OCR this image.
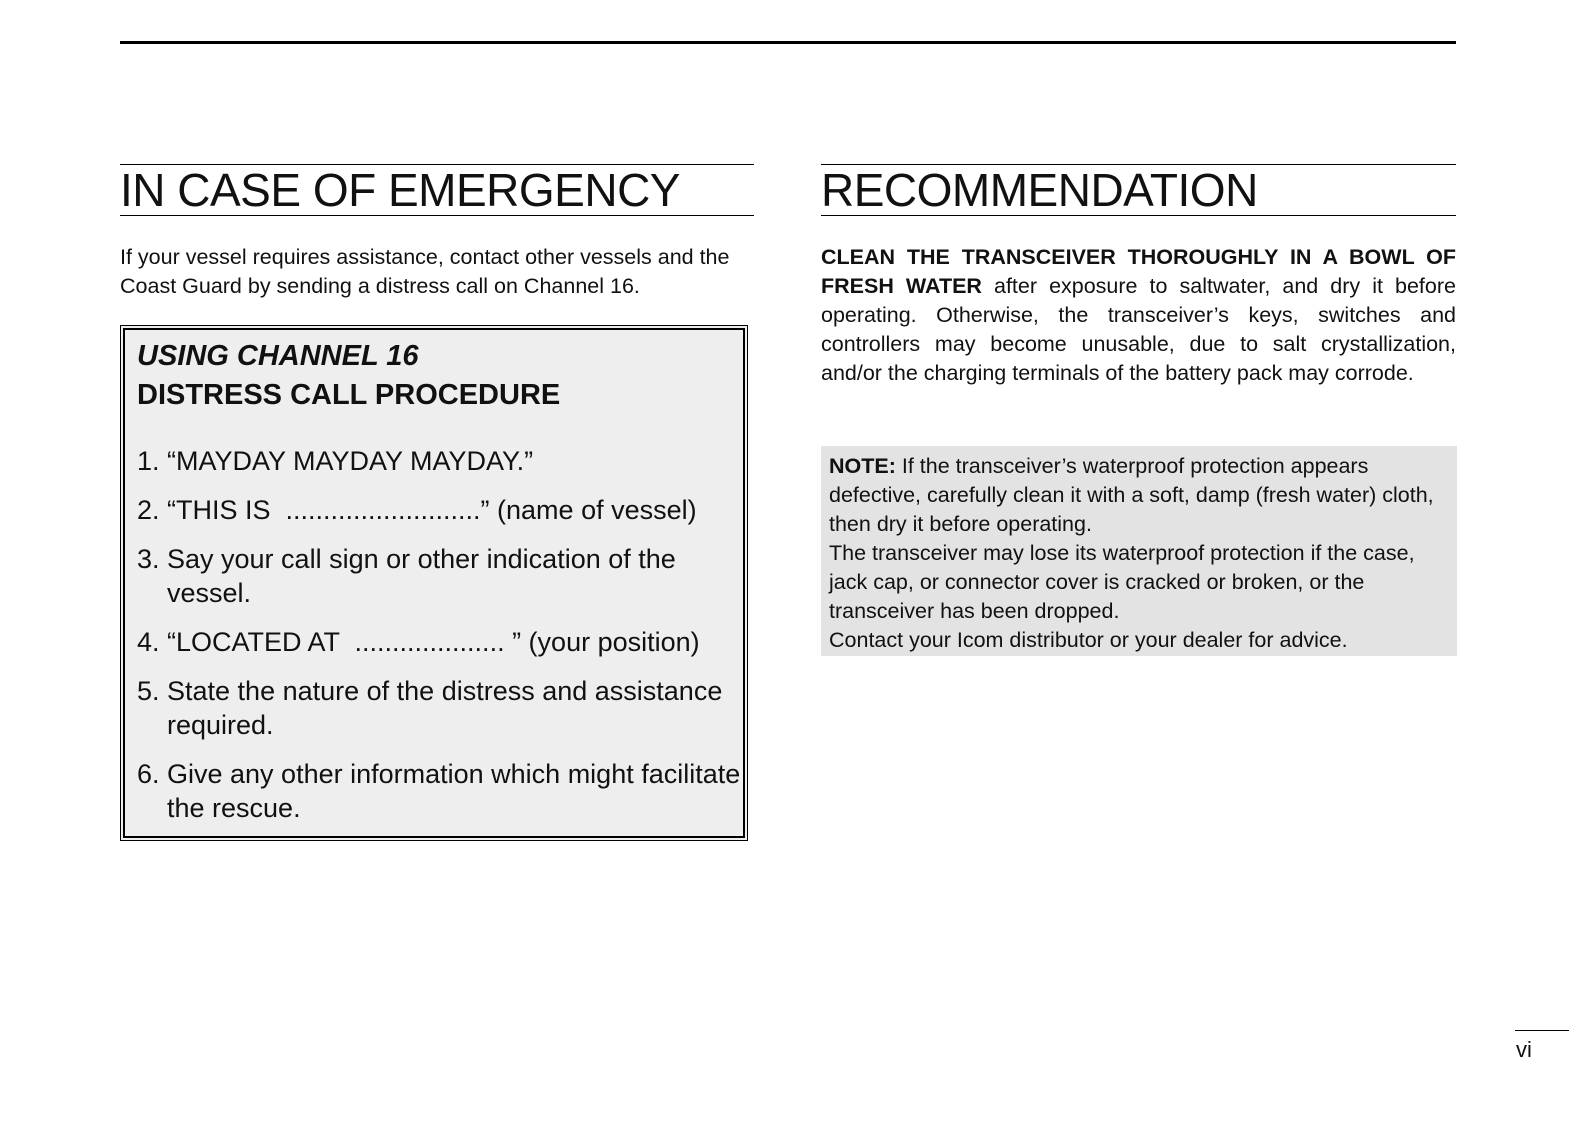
IN CASE OF EMERGENCY

If your vessel requires assistance, contact other vessels and the Coast Guard by sending a distress call on Channel 16.

USING CHANNEL 16
DISTRESS CALL PROCEDURE
1. “MAYDAY MAYDAY MAYDAY.”
2. “THIS IS  ..........................” (name of vessel)
3. Say your call sign or other indication of the vessel.
4. “LOCATED AT  .................... ” (your position)
5. State the nature of the distress and assistance required.
6. Give any other information which might facilitate the rescue.
RECOMMENDATION

CLEAN THE TRANSCEIVER THOROUGHLY IN A BOWL OF FRESH WATER after exposure to saltwater, and dry it before operating. Otherwise, the transceiver’s keys, switches and controllers may become unusable, due to salt crystallization, and/or the charging terminals of the battery pack may corrode.

NOTE: If the transceiver’s waterproof protection appears defective, carefully clean it with a soft, damp (fresh water) cloth, then dry it before operating.

The transceiver may lose its waterproof protection if the case, jack cap, or connector cover is cracked or broken, or the transceiver has been dropped.

Contact your Icom distributor or your dealer for advice.

vi
